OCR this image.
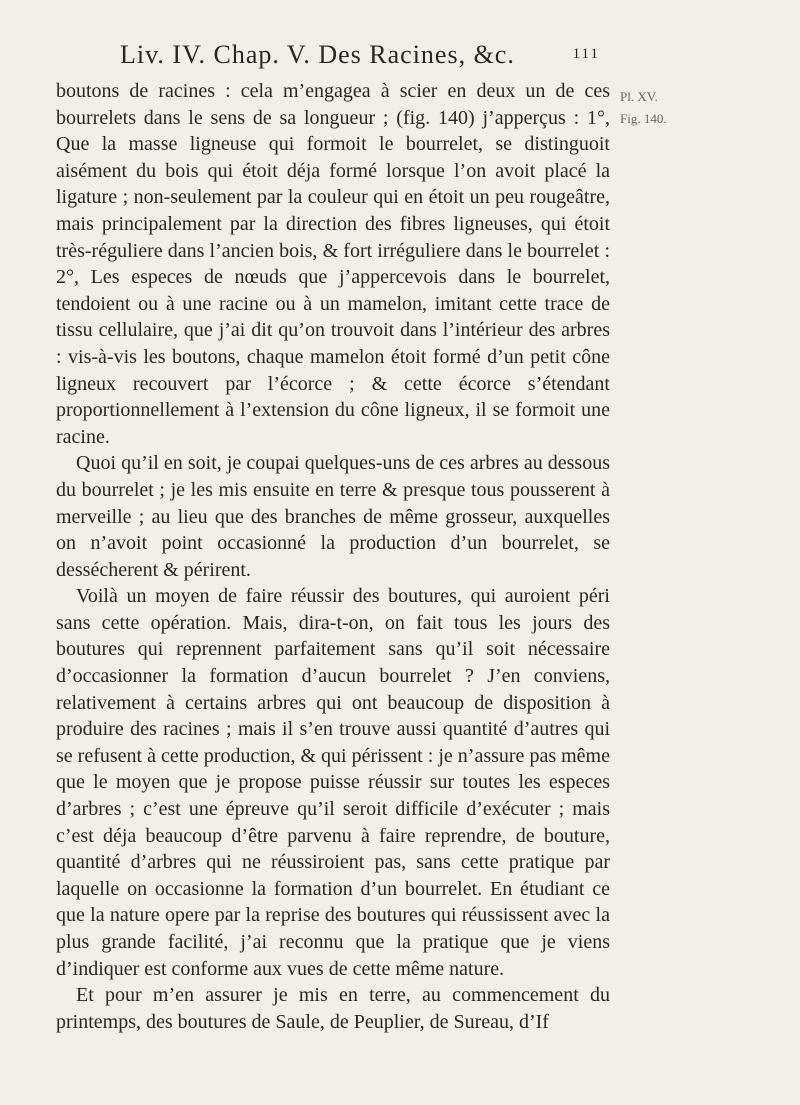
Liv. IV. Chap. V. Des Racines, &c.	111
Pl. XV.
Fig. 140.

boutons de racines : cela m’engagea à scier en deux un de ces bourrelets dans le sens de sa longueur ; (fig. 140) j’apperçus : 1°, Que la masse ligneuse qui formoit le bourrelet, se distinguoit aisément du bois qui étoit déja formé lorsque l’on avoit placé la ligature ; non-seulement par la couleur qui en étoit un peu rougeâtre, mais principalement par la direction des fibres ligneuses, qui étoit très-réguliere dans l’ancien bois, & fort irréguliere dans le bourrelet : 2°, Les especes de nœuds que j’appercevois dans le bourrelet, tendoient ou à une racine ou à un mamelon, imitant cette trace de tissu cellulaire, que j’ai dit qu’on trouvoit dans l’intérieur des arbres : vis-à-vis les boutons, chaque mamelon étoit formé d’un petit cône ligneux recouvert par l’écorce ; & cette écorce s’étendant proportionnellement à l’extension du cône ligneux, il se formoit une racine.

Quoi qu’il en soit, je coupai quelques-uns de ces arbres au dessous du bourrelet ; je les mis ensuite en terre & presque tous pousserent à merveille ; au lieu que des branches de même grosseur, auxquelles on n’avoit point occasionné la production d’un bourrelet, se dessécherent & périrent.

Voilà un moyen de faire réussir des boutures, qui auroient péri sans cette opération. Mais, dira-t-on, on fait tous les jours des boutures qui reprennent parfaitement sans qu’il soit nécessaire d’occasionner la formation d’aucun bourrelet ? J’en conviens, relativement à certains arbres qui ont beaucoup de disposition à produire des racines ; mais il s’en trouve aussi quantité d’autres qui se refusent à cette production, & qui périssent : je n’assure pas même que le moyen que je propose puisse réussir sur toutes les especes d’arbres ; c’est une épreuve qu’il seroit difficile d’exécuter ; mais c’est déja beaucoup d’être parvenu à faire reprendre, de bouture, quantité d’arbres qui ne réussiroient pas, sans cette pratique par laquelle on occasionne la formation d’un bourrelet. En étudiant ce que la nature opere par la reprise des boutures qui réussissent avec la plus grande facilité, j’ai reconnu que la pratique que je viens d’indiquer est conforme aux vues de cette même nature.

Et pour m’en assurer je mis en terre, au commencement du printemps, des boutures de Saule, de Peuplier, de Sureau, d’If
